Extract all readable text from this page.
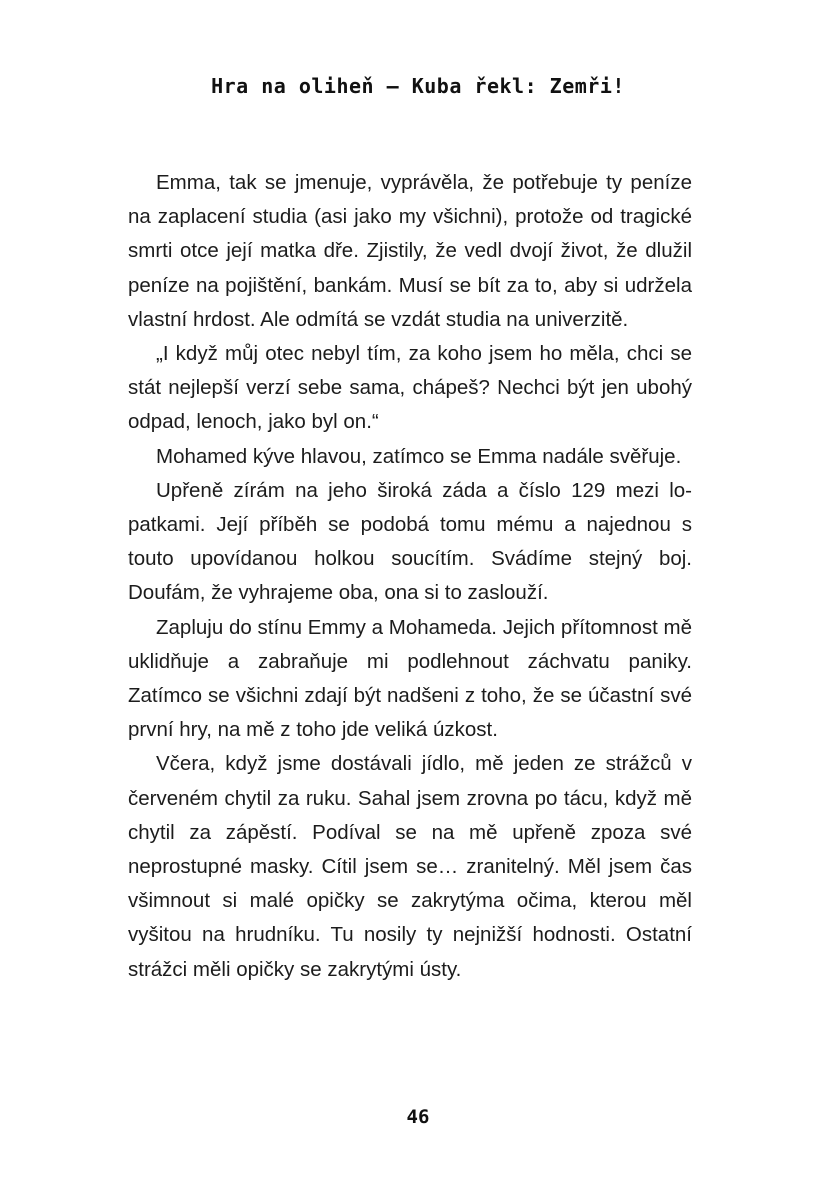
Hra na oliheň – Kuba řekl: Zemři!

Emma, tak se jmenuje, vyprávěla, že potřebuje ty peníze na zaplacení studia (asi jako my všichni), protože od tragické smrti otce její matka dře. Zjistily, že vedl dvojí život, že dlužil peníze na pojištění, bankám. Musí se bít za to, aby si udržela vlastní hrdost. Ale odmítá se vzdát studia na univerzitě.

„I když můj otec nebyl tím, za koho jsem ho měla, chci se stát nejlepší verzí sebe sama, chápeš? Nechci být jen ubohý odpad, lenoch, jako byl on.“

Mohamed kýve hlavou, zatímco se Emma nadále svěřuje.

Upřeně zírám na jeho široká záda a číslo 129 mezi lopatkami. Její příběh se podobá tomu mému a najednou s touto upovídanou holkou soucítím. Svádíme stejný boj. Doufám, že vyhrajeme oba, ona si to zaslouží.

Zapluju do stínu Emmy a Mohameda. Jejich přítomnost mě uklidňuje a zabraňuje mi podlehnout záchvatu paniky. Zatímco se všichni zdají být nadšeni z toho, že se účastní své první hry, na mě z toho jde veliká úzkost.

Včera, když jsme dostávali jídlo, mě jeden ze strážců v červeném chytil za ruku. Sahal jsem zrovna po tácu, když mě chytil za zápěstí. Podíval se na mě upřeně zpoza své neprostupné masky. Cítil jsem se… zranitelný. Měl jsem čas všimnout si malé opičky se zakrytýma očima, kterou měl vyšitou na hrudníku. Tu nosily ty nejnižší hodnosti. Ostatní strážci měli opičky se zakrytými ústy.

46
